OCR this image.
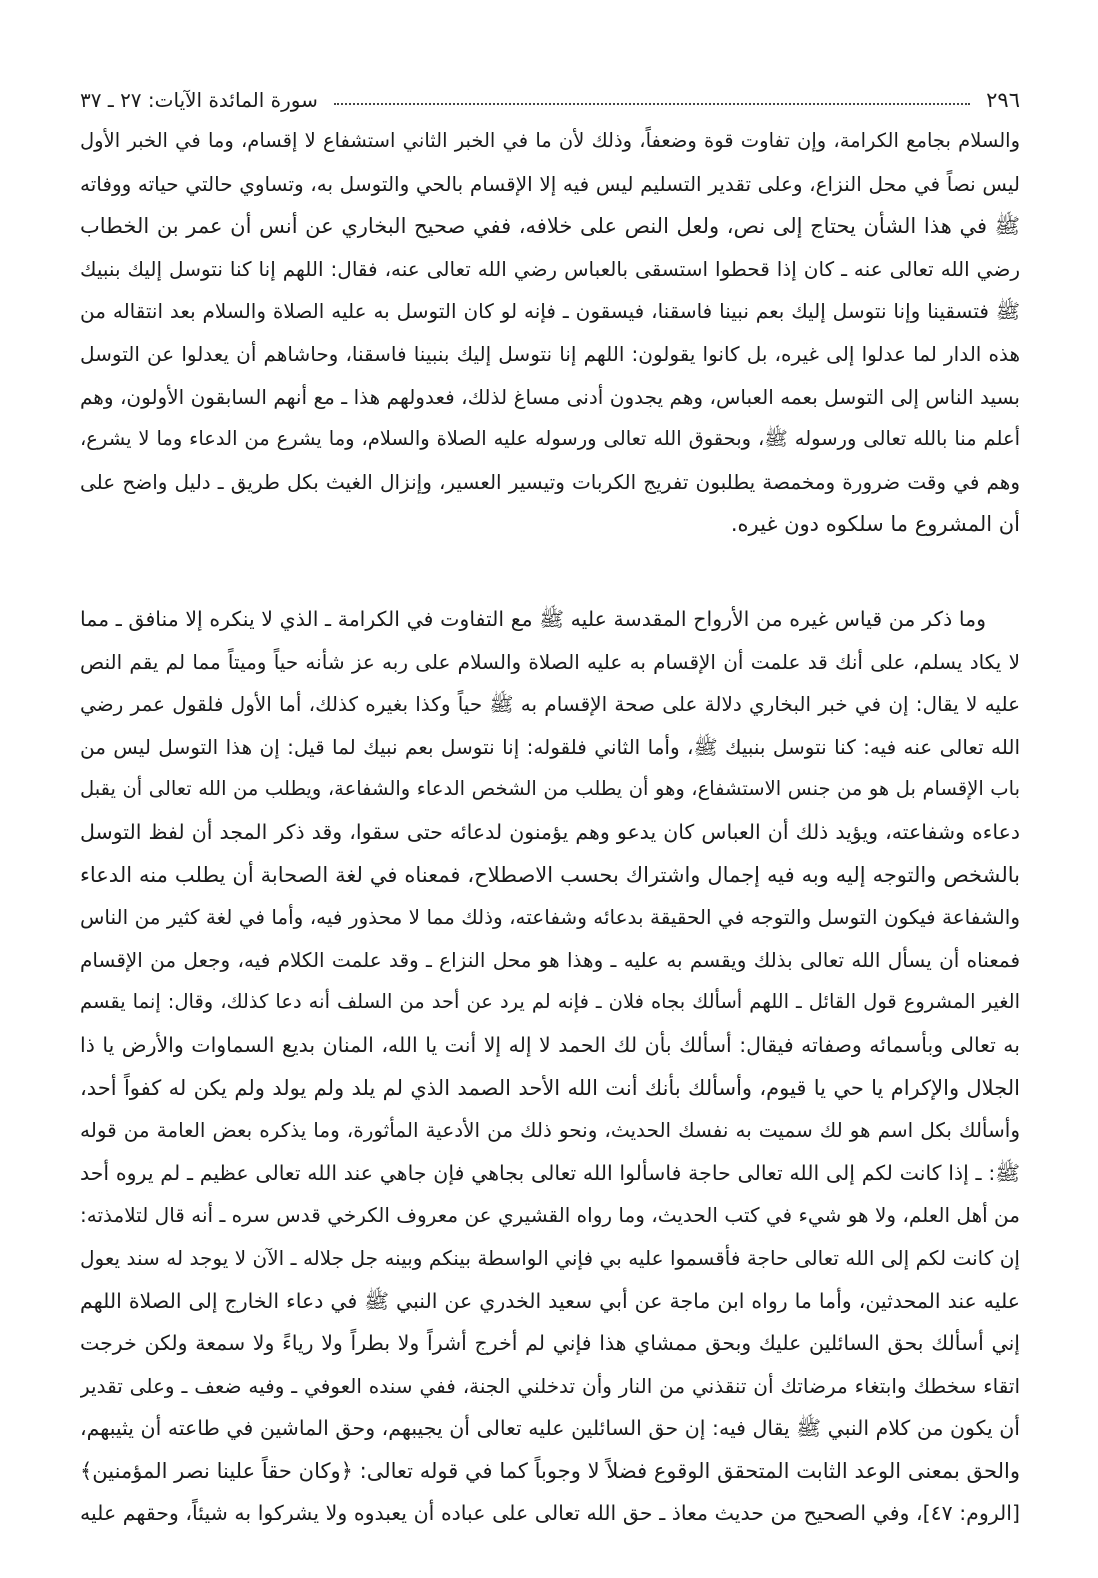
٢٩٦
سورة المائدة الآيات: ٢٧ ـ ٣٧
والسلام بجامع الكرامة، وإن تفاوت قوة وضعفاً، وذلك لأن ما في الخبر الثاني استشفاع لا إقسام، وما في الخبر الأول
ليس نصاً في محل النزاع، وعلى تقدير التسليم ليس فيه إلا الإقسام بالحي والتوسل به، وتساوي حالتي حياته ووفاته
ﷺ في هذا الشأن يحتاج إلى نص، ولعل النص على خلافه، ففي صحيح البخاري عن أنس أن عمر بن الخطاب
رضي الله تعالى عنه ـ كان إذا قحطوا استسقى بالعباس رضي الله تعالى عنه، فقال: اللهم إنا كنا نتوسل إليك بنبيك
ﷺ فتسقينا وإنا نتوسل إليك بعم نبينا فاسقنا، فيسقون ـ فإنه لو كان التوسل به عليه الصلاة والسلام بعد انتقاله من
هذه الدار لما عدلوا إلى غيره، بل كانوا يقولون: اللهم إنا نتوسل إليك بنبينا فاسقنا، وحاشاهم أن يعدلوا عن التوسل
بسيد الناس إلى التوسل بعمه العباس، وهم يجدون أدنى مساغ لذلك، فعدولهم هذا ـ مع أنهم السابقون الأولون، وهم
أعلم منا بالله تعالى ورسوله ﷺ، وبحقوق الله تعالى ورسوله عليه الصلاة والسلام، وما يشرع من الدعاء وما لا يشرع،
وهم في وقت ضرورة ومخمصة يطلبون تفريج الكربات وتيسير العسير، وإنزال الغيث بكل طريق ـ دليل واضح على
أن المشروع ما سلكوه دون غيره.
وما ذكر من قياس غيره من الأرواح المقدسة عليه ﷺ مع التفاوت في الكرامة ـ الذي لا ينكره إلا منافق ـ مما
لا يكاد يسلم، على أنك قد علمت أن الإقسام به عليه الصلاة والسلام على ربه عز شأنه حياً وميتاً مما لم يقم النص
عليه لا يقال: إن في خبر البخاري دلالة على صحة الإقسام به ﷺ حياً وكذا بغيره كذلك، أما الأول فلقول عمر رضي
الله تعالى عنه فيه: كنا نتوسل بنبيك ﷺ، وأما الثاني فلقوله: إنا نتوسل بعم نبيك لما قيل: إن هذا التوسل ليس من
باب الإقسام بل هو من جنس الاستشفاع، وهو أن يطلب من الشخص الدعاء والشفاعة، ويطلب من الله تعالى أن يقبل
دعاءه وشفاعته، ويؤيد ذلك أن العباس كان يدعو وهم يؤمنون لدعائه حتى سقوا، وقد ذكر المجد أن لفظ التوسل
بالشخص والتوجه إليه وبه فيه إجمال واشتراك بحسب الاصطلاح، فمعناه في لغة الصحابة أن يطلب منه الدعاء
والشفاعة فيكون التوسل والتوجه في الحقيقة بدعائه وشفاعته، وذلك مما لا محذور فيه، وأما في لغة كثير من الناس
فمعناه أن يسأل الله تعالى بذلك ويقسم به عليه ـ وهذا هو محل النزاع ـ وقد علمت الكلام فيه، وجعل من الإقسام
الغير المشروع قول القائل ـ اللهم أسألك بجاه فلان ـ فإنه لم يرد عن أحد من السلف أنه دعا كذلك، وقال: إنما يقسم
به تعالى وبأسمائه وصفاته فيقال: أسألك بأن لك الحمد لا إله إلا أنت يا الله، المنان بديع السماوات والأرض يا ذا
الجلال والإكرام يا حي يا قيوم، وأسألك بأنك أنت الله الأحد الصمد الذي لم يلد ولم يولد ولم يكن له كفواً أحد،
وأسألك بكل اسم هو لك سميت به نفسك الحديث، ونحو ذلك من الأدعية المأثورة، وما يذكره بعض العامة من قوله
ﷺ: ـ إذا كانت لكم إلى الله تعالى حاجة فاسألوا الله تعالى بجاهي فإن جاهي عند الله تعالى عظيم ـ لم يروه أحد
من أهل العلم، ولا هو شيء في كتب الحديث، وما رواه القشيري عن معروف الكرخي قدس سره ـ أنه قال لتلامذته:
إن كانت لكم إلى الله تعالى حاجة فأقسموا عليه بي فإني الواسطة بينكم وبينه جل جلاله ـ الآن لا يوجد له سند يعول
عليه عند المحدثين، وأما ما رواه ابن ماجة عن أبي سعيد الخدري عن النبي ﷺ في دعاء الخارج إلى الصلاة اللهم
إني أسألك بحق السائلين عليك وبحق ممشاي هذا فإني لم أخرج أشراً ولا بطراً ولا رياءً ولا سمعة ولكن خرجت
اتقاء سخطك وابتغاء مرضاتك أن تنقذني من النار وأن تدخلني الجنة، ففي سنده العوفي ـ وفيه ضعف ـ وعلى تقدير
أن يكون من كلام النبي ﷺ يقال فيه: إن حق السائلين عليه تعالى أن يجيبهم، وحق الماشين في طاعته أن يثيبهم،
والحق بمعنى الوعد الثابت المتحقق الوقوع فضلاً لا وجوباً كما في قوله تعالى: ﴿وكان حقاً علينا نصر المؤمنين﴾
[الروم: ٤٧]، وفي الصحيح من حديث معاذ ـ حق الله تعالى على عباده أن يعبدوه ولا يشركوا به شيئاً، وحقهم عليه
